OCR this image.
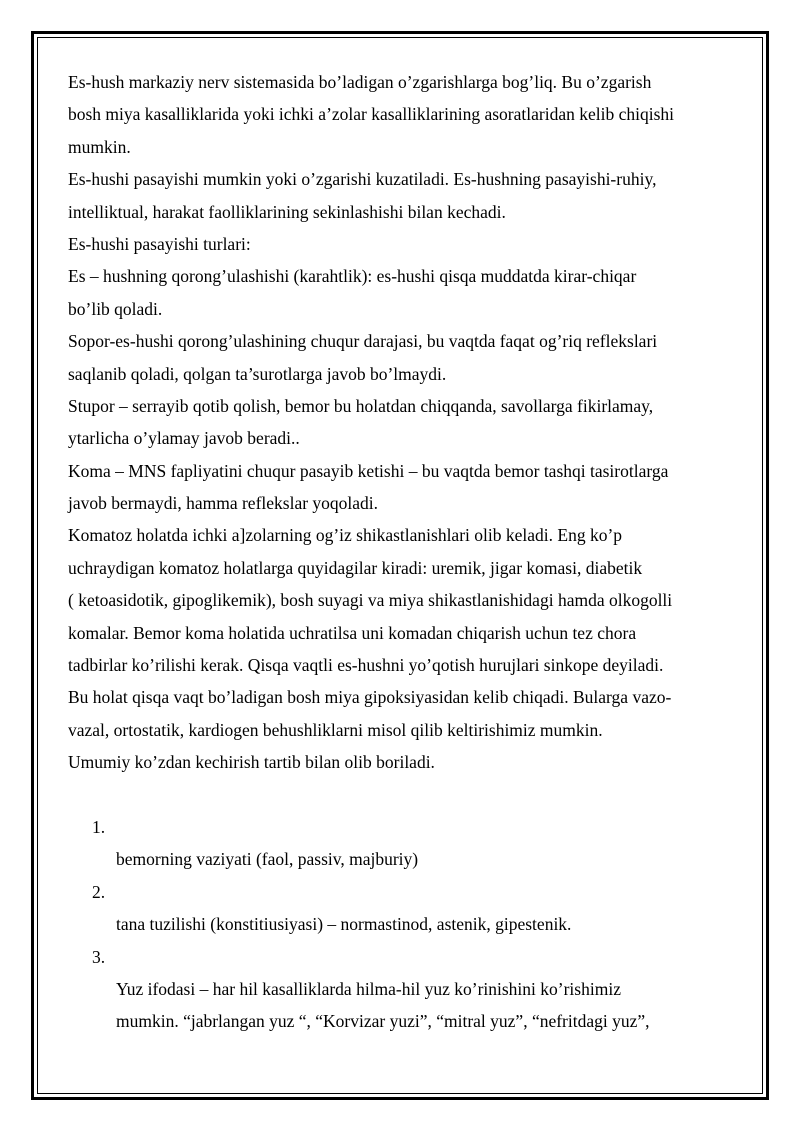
Es-hush markaziy nerv sistemasida bo’ladigan o’zgarishlarga bog’liq. Bu o’zgarish
bosh miya kasalliklarida yoki ichki a’zolar kasalliklarining asoratlaridan kelib chiqishi
mumkin.
Es-hushi pasayishi mumkin yoki o’zgarishi kuzatiladi. Es-hushning pasayishi-ruhiy,
intelliktual, harakat faolliklarining sekinlashishi bilan kechadi.
Es-hushi pasayishi turlari:
Es – hushning qorong’ulashishi (karahtlik): es-hushi qisqa muddatda kirar-chiqar
bo’lib qoladi.
Sopor-es-hushi qorong’ulashining chuqur darajasi, bu vaqtda faqat og’riq reflekslari
saqlanib qoladi, qolgan ta’surotlarga javob bo’lmaydi.
Stupor – serrayib qotib qolish, bemor bu holatdan chiqqanda, savollarga fikirlamay,
ytarlicha o’ylamay javob beradi..
Koma – MNS fapliyatini chuqur pasayib ketishi – bu vaqtda bemor tashqi tasirotlarga
javob bermaydi, hamma reflekslar yoqoladi.
Komatoz holatda ichki a]zolarning og’iz shikastlanishlari olib keladi. Eng ko’p
uchraydigan komatoz holatlarga quyidagilar kiradi: uremik, jigar komasi, diabetik
( ketoasidotik, gipoglikemik), bosh suyagi va miya shikastlanishidagi hamda olkogolli
komalar. Bemor koma holatida uchratilsa uni komadan chiqarish uchun tez chora
tadbirlar ko’rilishi kerak. Qisqa vaqtli es-hushni yo’qotish hurujlari sinkope deyiladi.
Bu holat qisqa vaqt bo’ladigan bosh miya gipoksiyasidan kelib chiqadi. Bularga vazo-
vazal, ortostatik, kardiogen behushliklarni misol qilib keltirishimiz mumkin.
Umumiy ko’zdan kechirish tartib bilan olib boriladi.
1.
bemorning vaziyati (faol, passiv, majburiy)
2.
tana tuzilishi (konstitiusiyasi) – normastinod, astenik, gipestenik.
3.
Yuz ifodasi – har hil kasalliklarda hilma-hil yuz ko’rinishini ko’rishimiz
mumkin. “jabrlangan yuz “, “Korvizar yuzi”, “mitral yuz”, “nefritdagi yuz”,
